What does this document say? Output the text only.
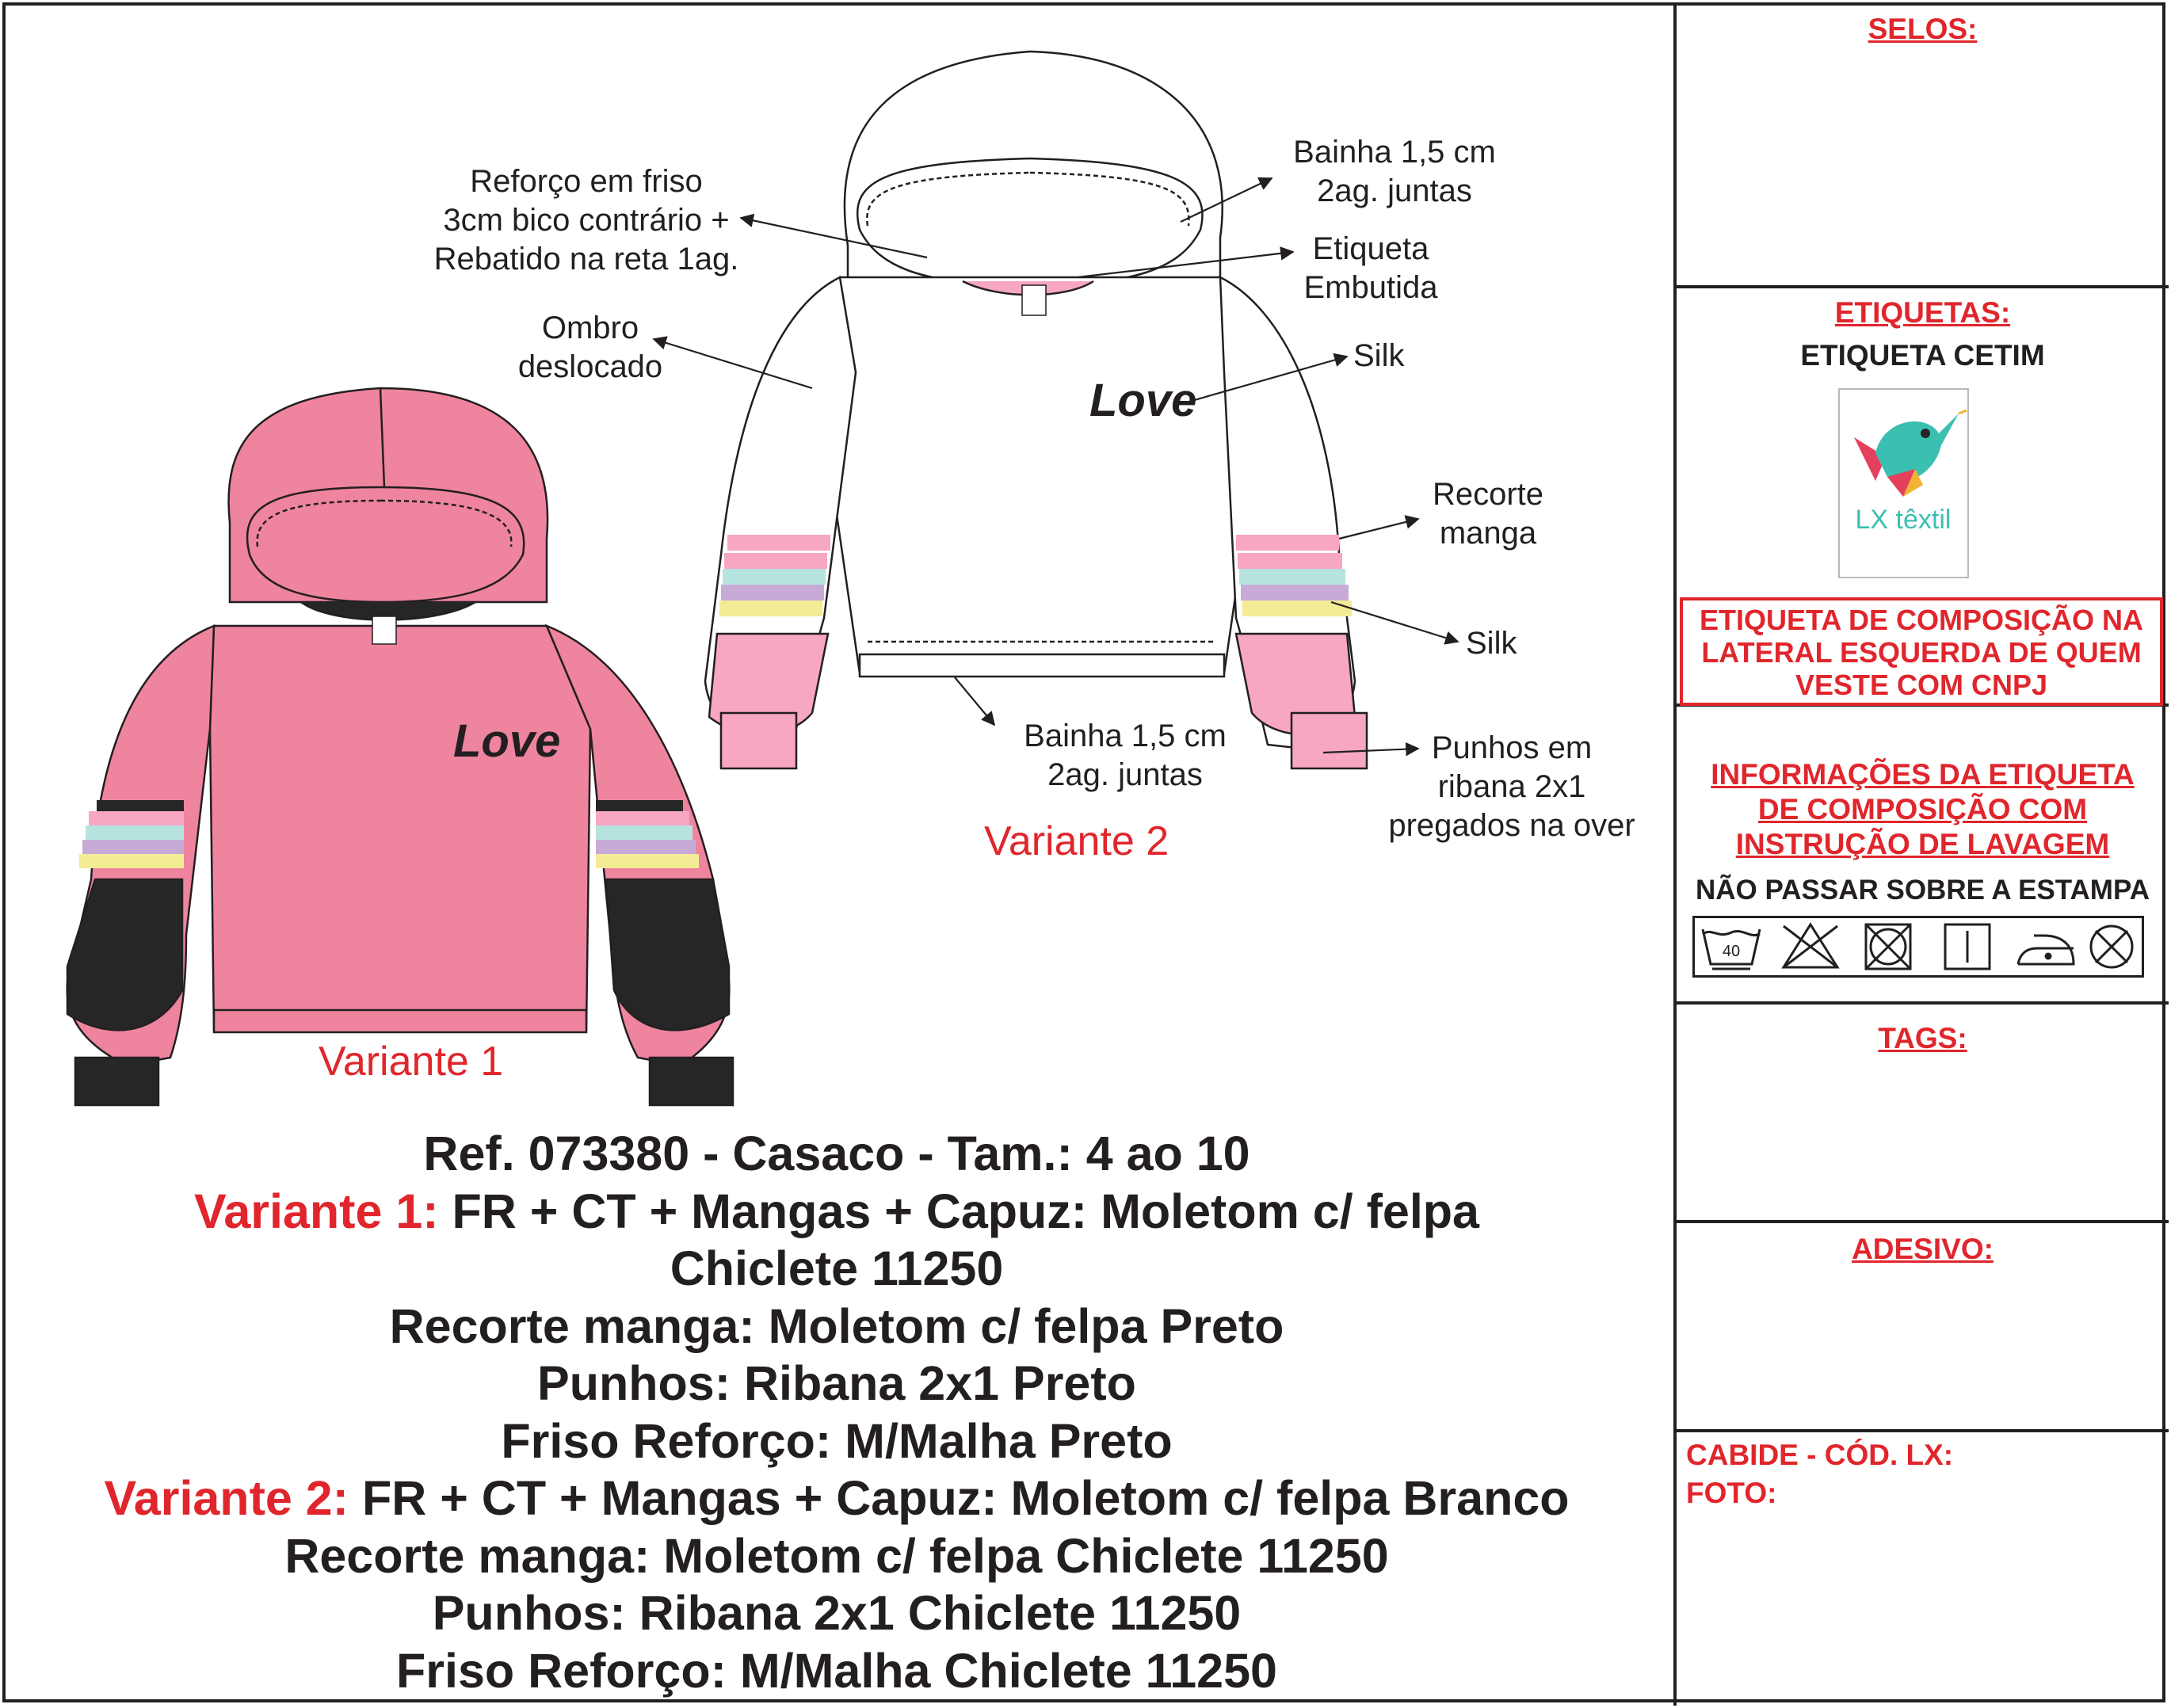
Love
Love
Reforço em friso
3cm bico contrário +
Rebatido na reta 1ag.
Bainha 1,5 cm
2ag. juntas
Etiqueta
Embutida
Ombro
deslocado	Silk
Recorte
manga
Silk
Bainha 1,5 cm
2ag. juntas
Punhos em
ribana 2x1
pregados na over
Variante 1
Variante 2
Ref. 073380 - Casaco - Tam.: 4 ao 10
Variante 1: FR + CT + Mangas + Capuz: Moletom c/ felpa
Chiclete 11250
Recorte manga: Moletom c/ felpa Preto
Punhos: Ribana 2x1 Preto
Friso Reforço: M/Malha Preto
Variante 2: FR + CT + Mangas + Capuz: Moletom c/ felpa Branco
Recorte manga: Moletom c/ felpa Chiclete 11250
Punhos: Ribana 2x1 Chiclete 11250
Friso Reforço: M/Malha Chiclete 11250
SELOS:
ETIQUETAS:
ETIQUETA CETIM
LX têxtil
ETIQUETA DE COMPOSIÇÃO NA
LATERAL ESQUERDA DE QUEM
VESTE COM CNPJ
INFORMAÇÕES DA ETIQUETA
DE COMPOSIÇÃO COM
INSTRUÇÃO DE LAVAGEM
NÃO PASSAR SOBRE A ESTAMPA
40
TAGS:
ADESIVO:
CABIDE - CÓD. LX:
FOTO:
